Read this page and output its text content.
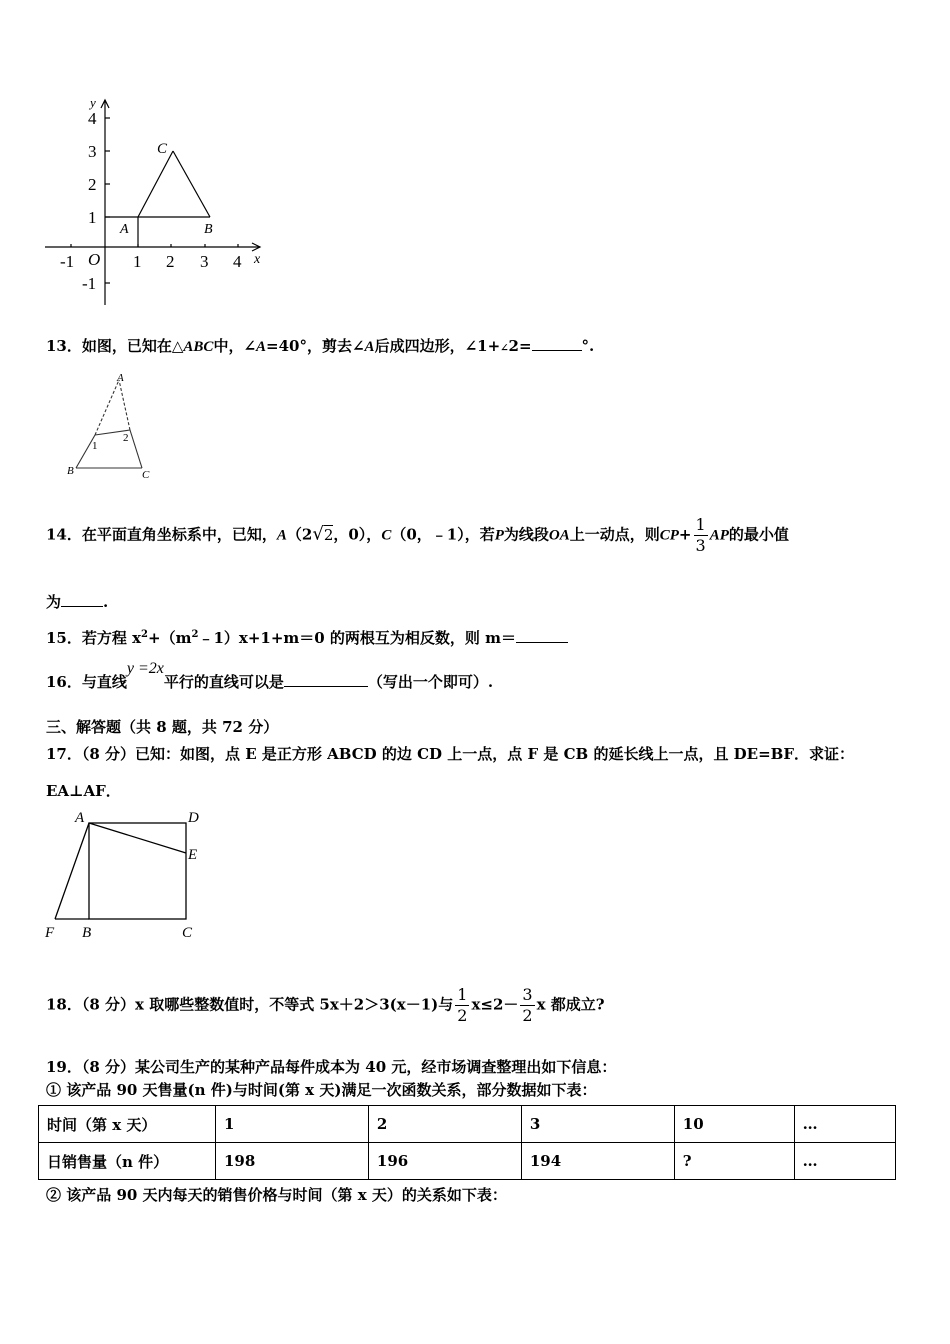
-1 O 1 2 3 4 x
4
3
2
1
-1
y
A	B
C
13．如图，已知在△ABC中，∠A=40°，剪去∠A后成四边形，∠1+∠2=	°.
A
B	C
1
2
14．在平面直角坐标系中，已知，A（2√2，0），C（0，﹣1），若P为线段OA上一动点，则$CP+ \frac{1}{3}$ AP的最小值
为	.
15．若方程 $x^2+(m^2﹣1)x+1+m=0$ 的两根互为相反数，则 m＝
16．与直线y =2x平行的直线可以是	（写出一个即可）.
三、解答题（共 8 题，共 72 分）
17．（8 分）已知：如图，点 E 是正方形 ABCD 的边 CD 上一点，点 F 是 CB 的延长线上一点，且 DE=BF．求证：
EA⊥AF．
A	D
E
F B	C
18．（8 分）x 取哪些整数值时，不等式 5x＋2＞3(x－1)与 $\frac{1}{2} x\le 2- \frac{3}{2}$ x 都成立?
19．（8 分）某公司生产的某种产品每件成本为 40 元，经市场调查整理出如下信息：
① 该产品 90 天售量(n 件)与时间(第 x 天)满足一次函数关系，部分数据如下表：
时间（第 x 天）	1	2	3	10	…
日销售量（n 件）	198	196	194	?	…
② 该产品 90 天内每天的销售价格与时间（第 x 天）的关系如下表：
